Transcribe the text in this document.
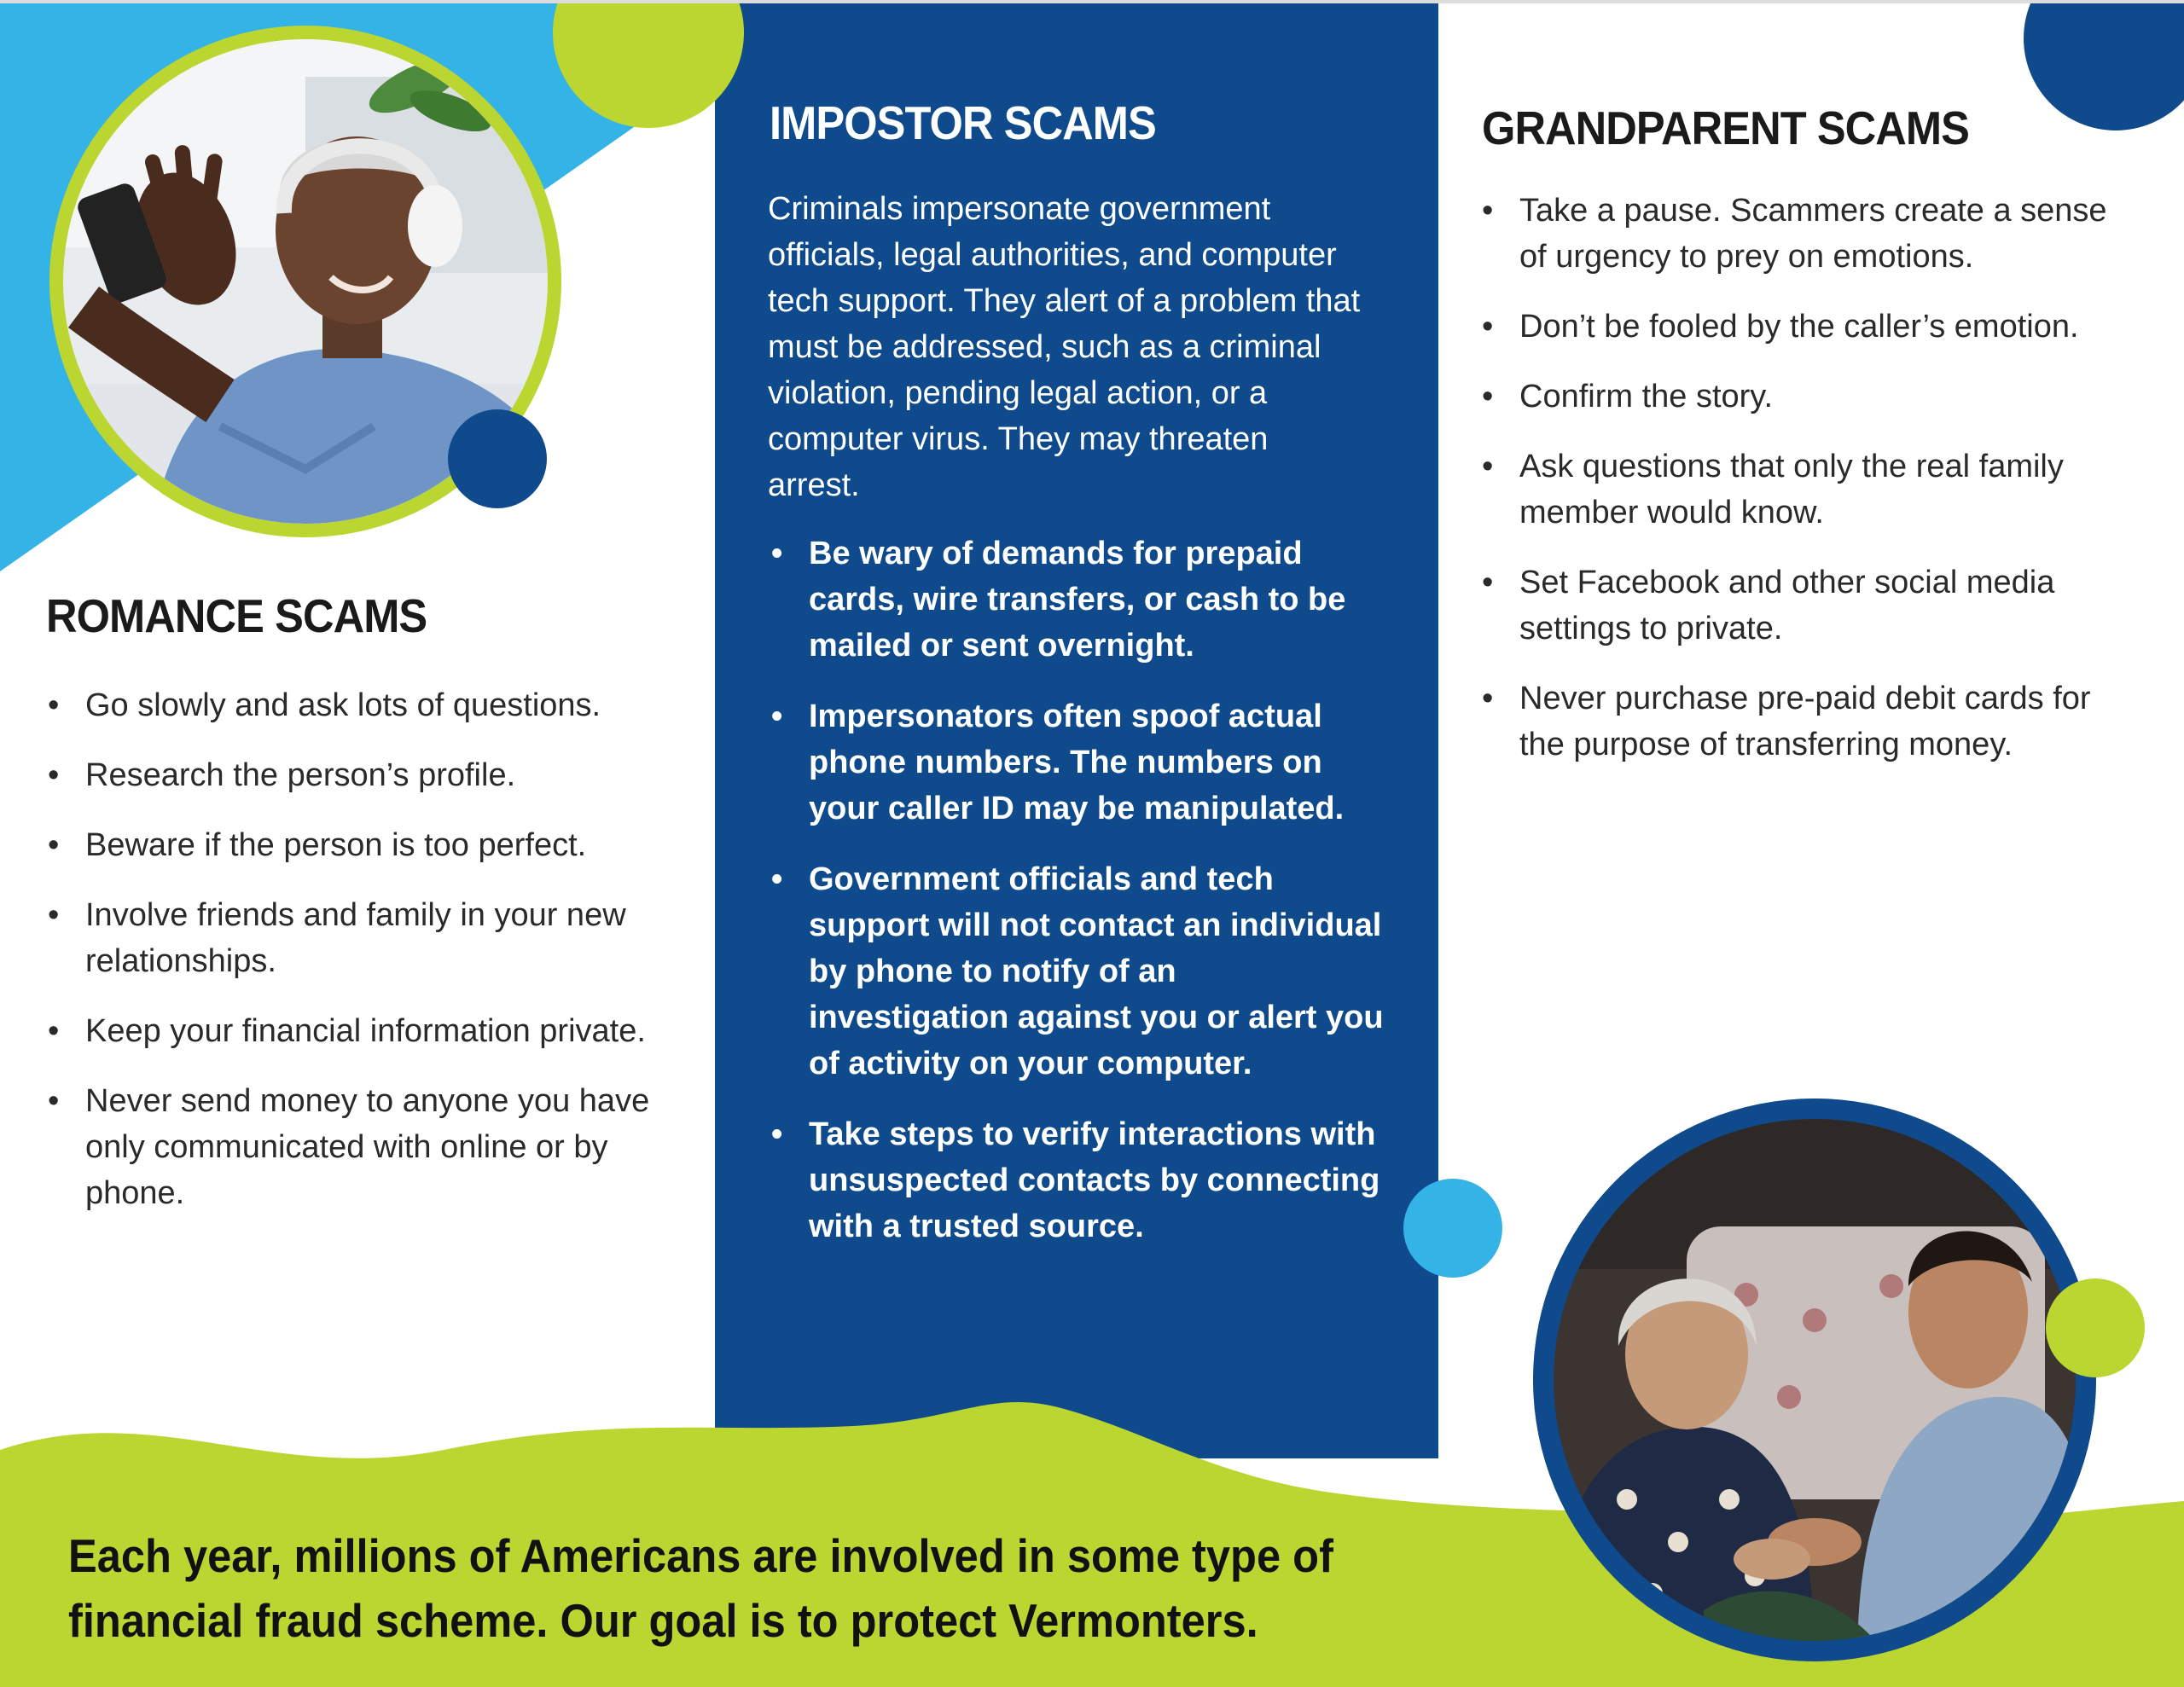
ROMANCE SCAMS
• Go slowly and ask lots of questions.
• Research the person’s profile.
• Beware if the person is too perfect.
• Involve friends and family in your new relationships.
• Keep your financial information private.
• Never send money to anyone you have only communicated with online or by phone.
IMPOSTOR SCAMS

Criminals impersonate government officials, legal authorities, and computer tech support. They alert of a problem that must be addressed, such as a criminal violation, pending legal action, or a computer virus. They may threaten arrest.

• Be wary of demands for prepaid cards, wire transfers, or cash to be mailed or sent overnight.
• Impersonators often spoof actual phone numbers. The numbers on your caller ID may be manipulated.
• Government officials and tech support will not contact an individual by phone to notify of an investigation against you or alert you of activity on your computer.
• Take steps to verify interactions with unsuspected contacts by connecting with a trusted source.
GRANDPARENT SCAMS
• Take a pause. Scammers create a sense of urgency to prey on emotions.
• Don’t be fooled by the caller’s emotion.
• Confirm the story.
• Ask questions that only the real family member would know.
• Set Facebook and other social media settings to private.
• Never purchase pre-paid debit cards for the purpose of transferring money.

Each year, millions of Americans are involved in some type of

financial fraud scheme. Our goal is to protect Vermonters.
